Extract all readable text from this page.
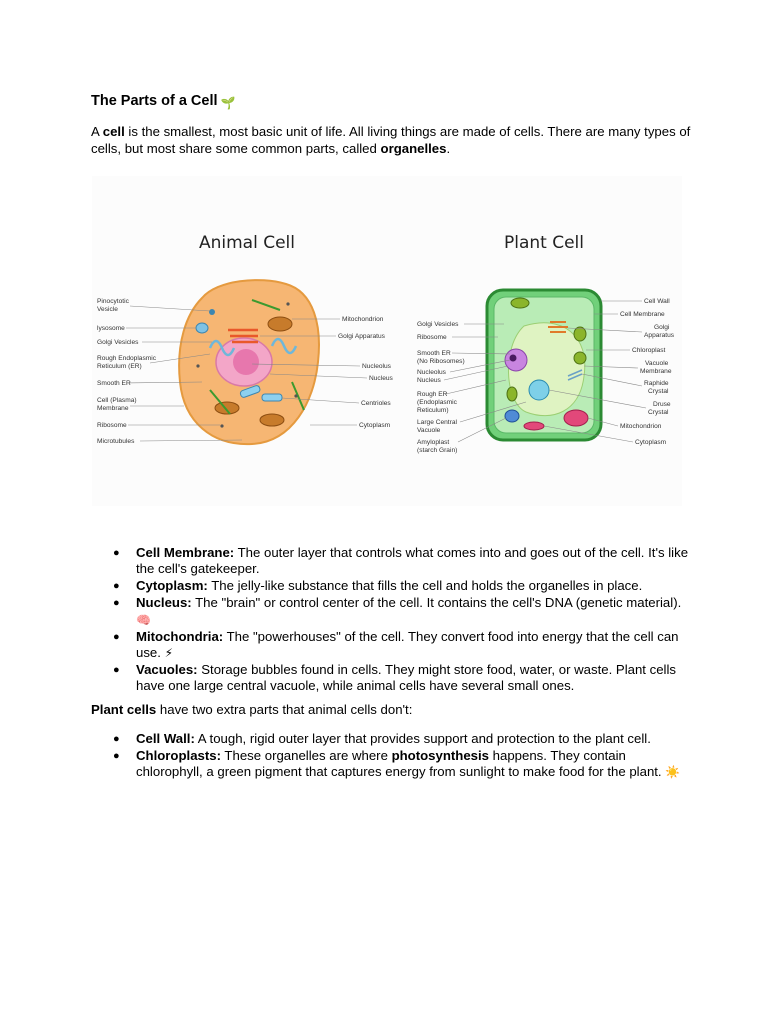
The Parts of a Cell 🌱

A cell is the smallest, most basic unit of life. All living things are made of cells. There are many types of cells, but most share some common parts, called organelles.

Animal Cell	Plant Cell
Pinocytotic
Vesicle
lysosome
Golgi Vesicles
Rough Endoplasmic
Reticulum (ER)
Smooth ER
Cell (Plasma)
Membrane
Ribosome
Microtubules
Mitochondrion
Golgi Apparatus
Nucleolus
Nucleus
Centrioles
Cytoplasm
Golgi Vesicles
Ribosome
Smooth ER
(No Ribosomes)
Nucleolus
Nucleus
Rough ER
(Endoplasmic
Reticulum)
Large Central
Vacuole
Amyloplast
(starch Grain)
Cell Wall
Cell Membrane
Golgi
Apparatus
Chloroplast
Vacuole
Membrane
Raphide
Crystal
Druse
Crystal
Mitochondrion
Cytoplasm
● Cell Membrane: The outer layer that controls what comes into and goes out of the cell. It's like the cell's gatekeeper.
● Cytoplasm: The jelly-like substance that fills the cell and holds the organelles in place.
● Nucleus: The "brain" or control center of the cell. It contains the cell's DNA (genetic material). 🧠
● Mitochondria: The "powerhouses" of the cell. They convert food into energy that the cell can use. ⚡
● Vacuoles: Storage bubbles found in cells. They might store food, water, or waste. Plant cells have one large central vacuole, while animal cells have several small ones.

Plant cells have two extra parts that animal cells don't:

● Cell Wall: A tough, rigid outer layer that provides support and protection to the plant cell.
● Chloroplasts: These organelles are where photosynthesis happens. They contain chlorophyll, a green pigment that captures energy from sunlight to make food for the plant. ☀️
